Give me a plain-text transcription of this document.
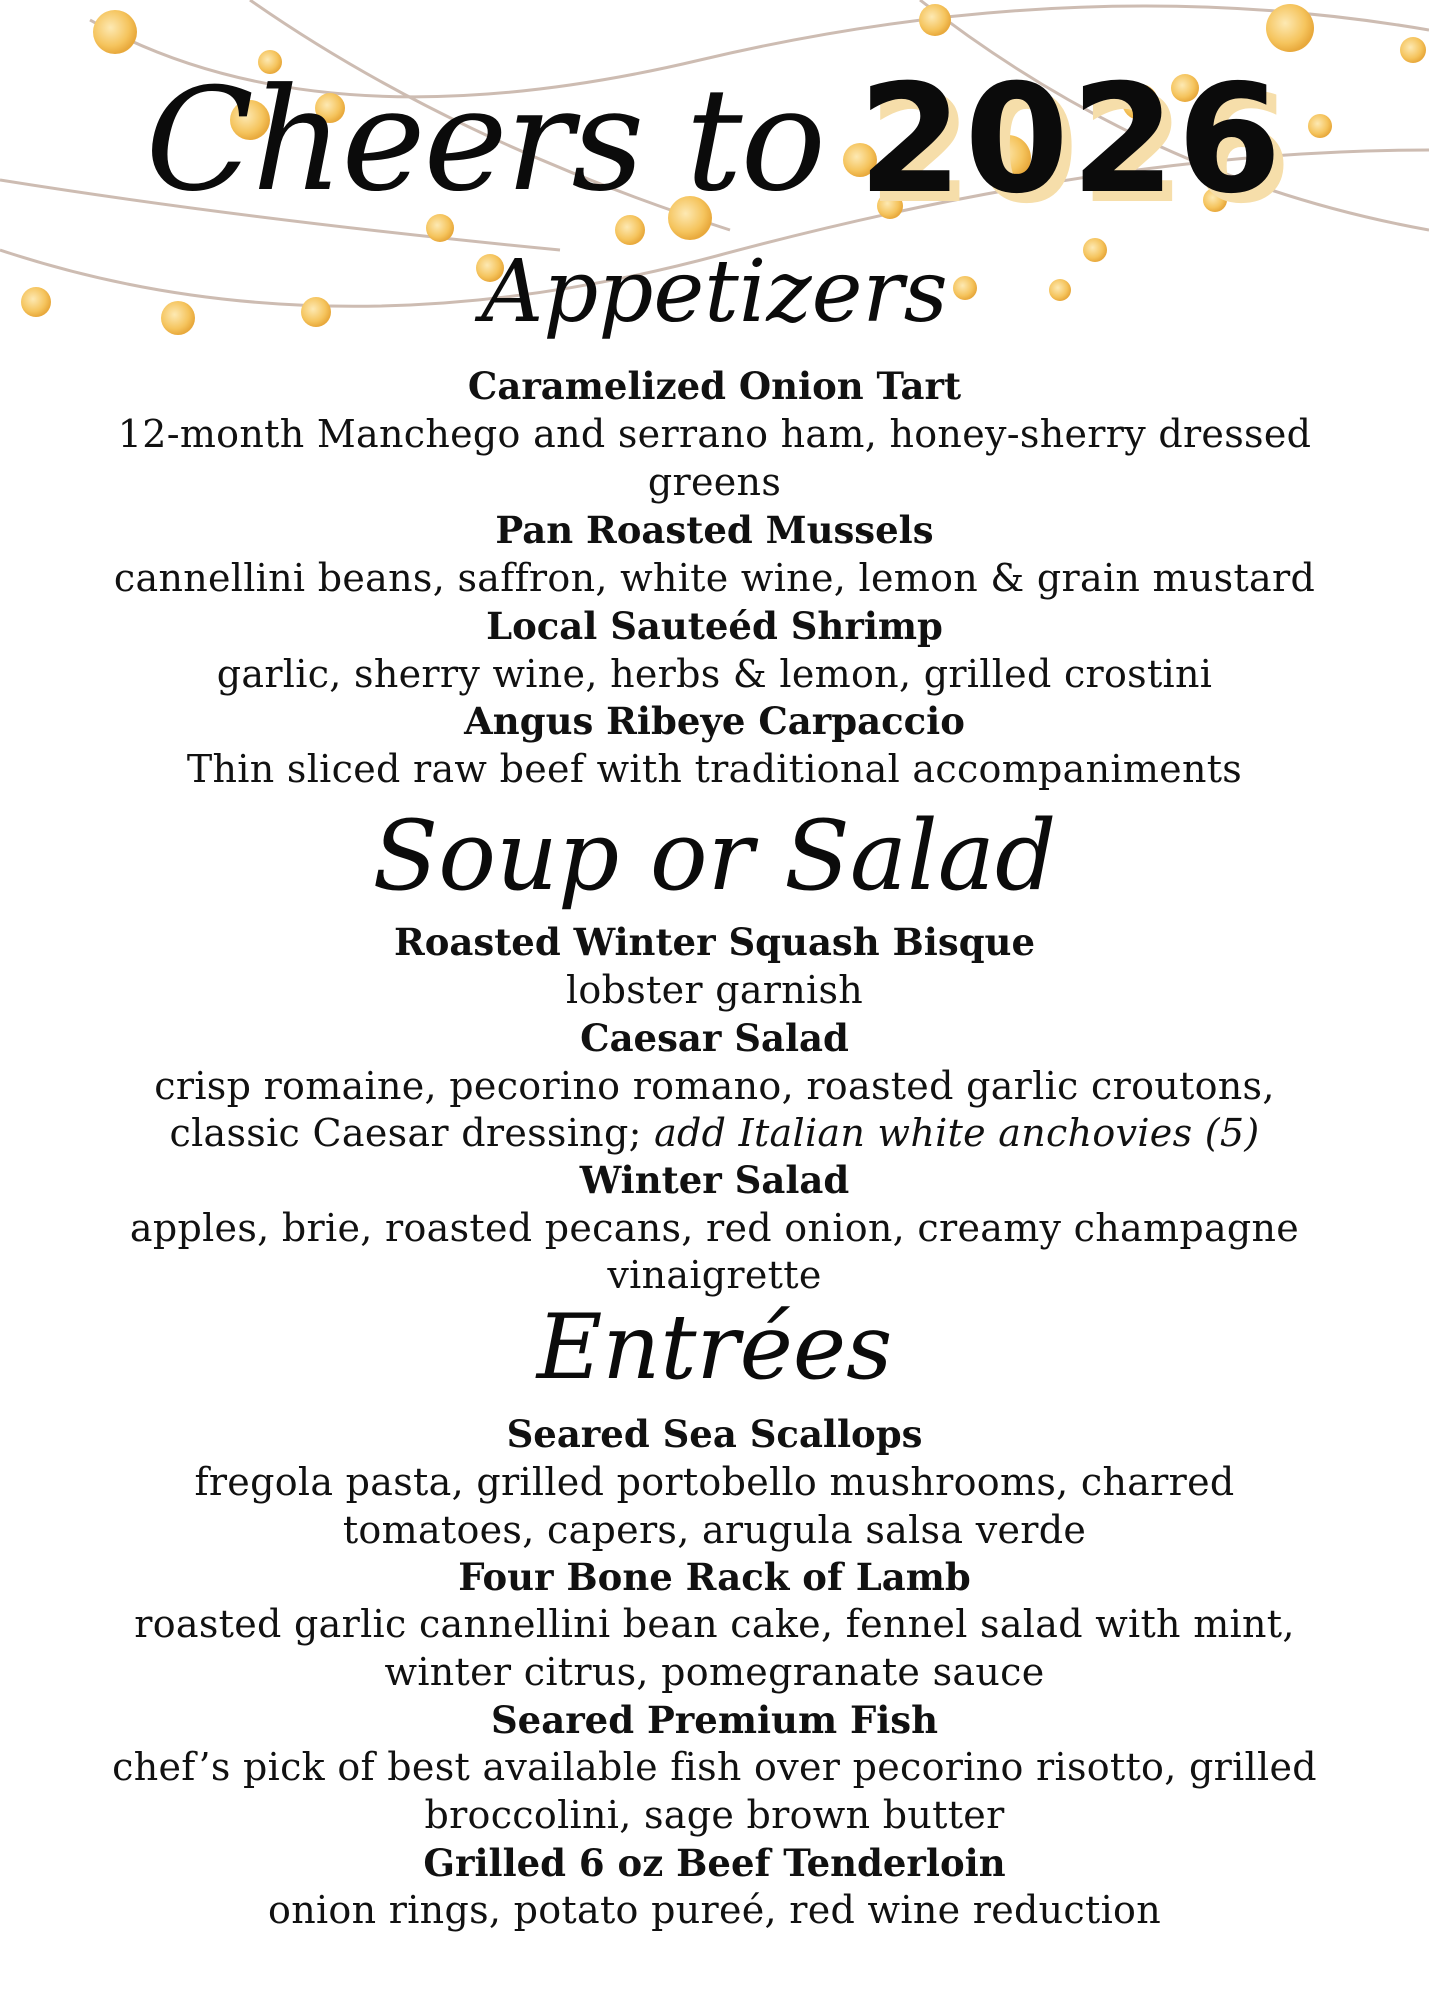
Cheers to 2026
Appetizers
Caramelized Onion Tart
12-month Manchego and serrano ham, honey-sherry dressed
greens
Pan Roasted Mussels
cannellini beans, saffron, white wine, lemon & grain mustard
Local Sauteéd Shrimp
garlic, sherry wine, herbs & lemon, grilled crostini
Angus Ribeye Carpaccio
Thin sliced raw beef with traditional accompaniments
Soup or Salad
Roasted Winter Squash Bisque
lobster garnish
Caesar Salad
crisp romaine, pecorino romano, roasted garlic croutons,
classic Caesar dressing; add Italian white anchovies (5)
Winter Salad
apples, brie, roasted pecans, red onion, creamy champagne
vinaigrette
Entrées
Seared Sea Scallops
fregola pasta, grilled portobello mushrooms, charred
tomatoes, capers, arugula salsa verde
Four Bone Rack of Lamb
roasted garlic cannellini bean cake, fennel salad with mint,
winter citrus, pomegranate sauce
Seared Premium Fish
chef’s pick of best available fish over pecorino risotto, grilled
broccolini, sage brown butter
Grilled 6 oz Beef Tenderloin
onion rings, potato pureé, red wine reduction
